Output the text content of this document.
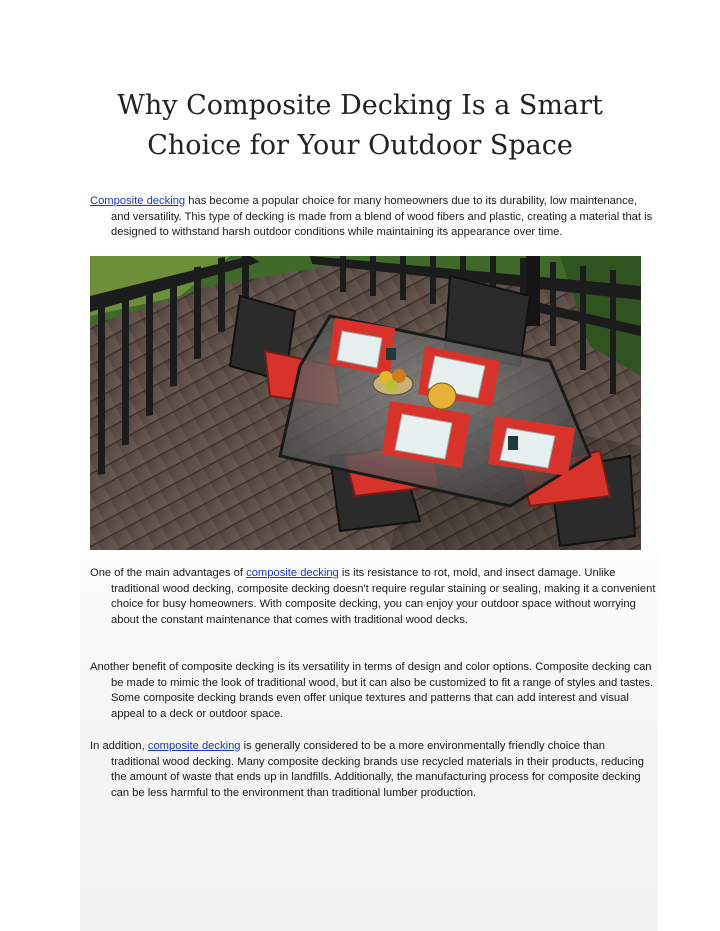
Why Composite Decking Is a Smart
Choice for Your Outdoor Space

Composite decking has become a popular choice for many homeowners due to its durability, low maintenance, and versatility. This type of decking is made from a blend of wood fibers and plastic, creating a material that is designed to withstand harsh outdoor conditions while maintaining its appearance over time.

One of the main advantages of composite decking is its resistance to rot, mold, and insect damage. Unlike traditional wood decking, composite decking doesn't require regular staining or sealing, making it a convenient choice for busy homeowners. With composite decking, you can enjoy your outdoor space without worrying about the constant maintenance that comes with traditional wood decks.

Another benefit of composite decking is its versatility in terms of design and color options. Composite decking can be made to mimic the look of traditional wood, but it can also be customized to fit a range of styles and tastes. Some composite decking brands even offer unique textures and patterns that can add interest and visual appeal to a deck or outdoor space.

In addition, composite decking is generally considered to be a more environmentally friendly choice than traditional wood decking. Many composite decking brands use recycled materials in their products, reducing the amount of waste that ends up in landfills. Additionally, the manufacturing process for composite decking can be less harmful to the environment than traditional lumber production.
